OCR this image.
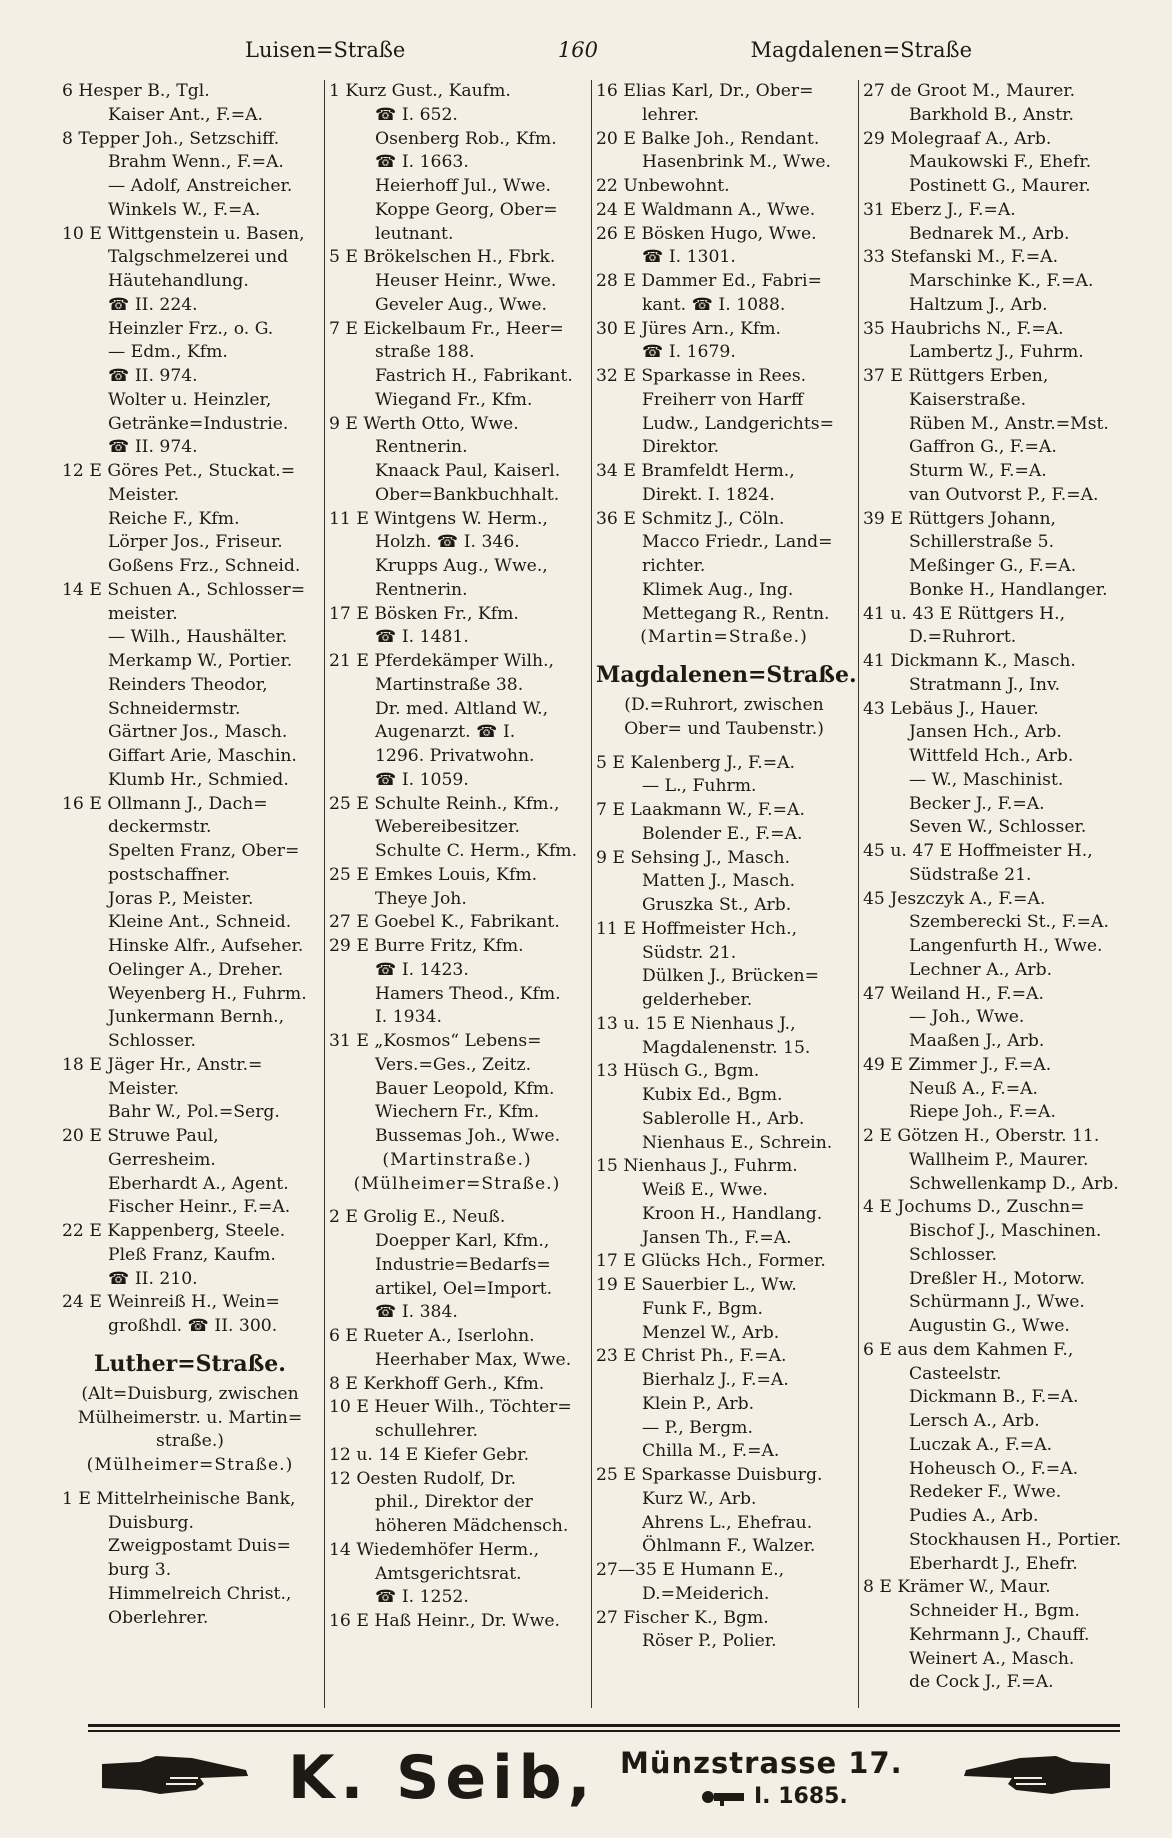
Luisen=Straße	160	Magdalenen=Straße

6 Hesper B., Tgl.

Kaiser Ant., F.=A.

8 Tepper Joh., Setzschiff.

Brahm Wenn., F.=A.

— Adolf, Anstreicher.

Winkels W., F.=A.

10 E Wittgenstein u. Basen,

Talgschmelzerei und

Häutehandlung.

☎ II. 224.

Heinzler Frz., o. G.

— Edm., Kfm.

☎ II. 974.

Wolter u. Heinzler,

Getränke=Industrie.

☎ II. 974.

12 E Göres Pet., Stuckat.=

Meister.

Reiche F., Kfm.

Lörper Jos., Friseur.

Goßens Frz., Schneid.

14 E Schuen A., Schlosser=

meister.

— Wilh., Haushälter.

Merkamp W., Portier.

Reinders Theodor,

Schneidermstr.

Gärtner Jos., Masch.

Giffart Arie, Maschin.

Klumb Hr., Schmied.

16 E Ollmann J., Dach=

deckermstr.

Spelten Franz, Ober=

postschaffner.

Joras P., Meister.

Kleine Ant., Schneid.

Hinske Alfr., Aufseher.

Oelinger A., Dreher.

Weyenberg H., Fuhrm.

Junkermann Bernh.,

Schlosser.

18 E Jäger Hr., Anstr.=

Meister.

Bahr W., Pol.=Serg.

20 E Struwe Paul,

Gerresheim.

Eberhardt A., Agent.

Fischer Heinr., F.=A.

22 E Kappenberg, Steele.

Pleß Franz, Kaufm.

☎ II. 210.

24 E Weinreiß H., Wein=

großhdl. ☎ II. 300.

Luther=Straße.

(Alt=Duisburg, zwischen

Mülheimerstr. u. Martin=

straße.)

(Mülheimer=Straße.)

1 E Mittelrheinische Bank,

Duisburg.

Zweigpostamt Duis=

burg 3.

Himmelreich Christ.,

Oberlehrer.

1 Kurz Gust., Kaufm.

☎ I. 652.

Osenberg Rob., Kfm.

☎ I. 1663.

Heierhoff Jul., Wwe.

Koppe Georg, Ober=

leutnant.

5 E Brökelschen H., Fbrk.

Heuser Heinr., Wwe.

Geveler Aug., Wwe.

7 E Eickelbaum Fr., Heer=

straße 188.

Fastrich H., Fabrikant.

Wiegand Fr., Kfm.

9 E Werth Otto, Wwe.

Rentnerin.

Knaack Paul, Kaiserl.

Ober=Bankbuchhalt.

11 E Wintgens W. Herm.,

Holzh. ☎ I. 346.

Krupps Aug., Wwe.,

Rentnerin.

17 E Bösken Fr., Kfm.

☎ I. 1481.

21 E Pferdekämper Wilh.,

Martinstraße 38.

Dr. med. Altland W.,

Augenarzt. ☎ I.

1296. Privatwohn.

☎ I. 1059.

25 E Schulte Reinh., Kfm.,

Webereibesitzer.

Schulte C. Herm., Kfm.

25 E Emkes Louis, Kfm.

Theye Joh.

27 E Goebel K., Fabrikant.

29 E Burre Fritz, Kfm.

☎ I. 1423.

Hamers Theod., Kfm.

I. 1934.

31 E „Kosmos“ Lebens=

Vers.=Ges., Zeitz.

Bauer Leopold, Kfm.

Wiechern Fr., Kfm.

Bussemas Joh., Wwe.

(Martinstraße.)

(Mülheimer=Straße.)

2 E Grolig E., Neuß.

Doepper Karl, Kfm.,

Industrie=Bedarfs=

artikel, Oel=Import.

☎ I. 384.

6 E Rueter A., Iserlohn.

Heerhaber Max, Wwe.

8 E Kerkhoff Gerh., Kfm.

10 E Heuer Wilh., Töchter=

schullehrer.

12 u. 14 E Kiefer Gebr.

12 Oesten Rudolf, Dr.

phil., Direktor der

höheren Mädchensch.

14 Wiedemhöfer Herm.,

Amtsgerichtsrat.

☎ I. 1252.

16 E Haß Heinr., Dr. Wwe.

16 Elias Karl, Dr., Ober=

lehrer.

20 E Balke Joh., Rendant.

Hasenbrink M., Wwe.

22 Unbewohnt.

24 E Waldmann A., Wwe.

26 E Bösken Hugo, Wwe.

☎ I. 1301.

28 E Dammer Ed., Fabri=

kant. ☎ I. 1088.

30 E Jüres Arn., Kfm.

☎ I. 1679.

32 E Sparkasse in Rees.

Freiherr von Harff

Ludw., Landgerichts=

Direktor.

34 E Bramfeldt Herm.,

Direkt. I. 1824.

36 E Schmitz J., Cöln.

Macco Friedr., Land=

richter.

Klimek Aug., Ing.

Mettegang R., Rentn.

(Martin=Straße.)

Magdalenen=Straße.

(D.=Ruhrort, zwischen

Ober= und Taubenstr.)

5 E Kalenberg J., F.=A.

— L., Fuhrm.

7 E Laakmann W., F.=A.

Bolender E., F.=A.

9 E Sehsing J., Masch.

Matten J., Masch.

Gruszka St., Arb.

11 E Hoffmeister Hch.,

Südstr. 21.

Dülken J., Brücken=

gelderheber.

13 u. 15 E Nienhaus J.,

Magdalenenstr. 15.

13 Hüsch G., Bgm.

Kubix Ed., Bgm.

Sablerolle H., Arb.

Nienhaus E., Schrein.

15 Nienhaus J., Fuhrm.

Weiß E., Wwe.

Kroon H., Handlang.

Jansen Th., F.=A.

17 E Glücks Hch., Former.

19 E Sauerbier L., Ww.

Funk F., Bgm.

Menzel W., Arb.

23 E Christ Ph., F.=A.

Bierhalz J., F.=A.

Klein P., Arb.

— P., Bergm.

Chilla M., F.=A.

25 E Sparkasse Duisburg.

Kurz W., Arb.

Ahrens L., Ehefrau.

Öhlmann F., Walzer.

27—35 E Humann E.,

D.=Meiderich.

27 Fischer K., Bgm.

Röser P., Polier.

27 de Groot M., Maurer.

Barkhold B., Anstr.

29 Molegraaf A., Arb.

Maukowski F., Ehefr.

Postinett G., Maurer.

31 Eberz J., F.=A.

Bednarek M., Arb.

33 Stefanski M., F.=A.

Marschinke K., F.=A.

Haltzum J., Arb.

35 Haubrichs N., F.=A.

Lambertz J., Fuhrm.

37 E Rüttgers Erben,

Kaiserstraße.

Rüben M., Anstr.=Mst.

Gaffron G., F.=A.

Sturm W., F.=A.

van Outvorst P., F.=A.

39 E Rüttgers Johann,

Schillerstraße 5.

Meßinger G., F.=A.

Bonke H., Handlanger.

41 u. 43 E Rüttgers H.,

D.=Ruhrort.

41 Dickmann K., Masch.

Stratmann J., Inv.

43 Lebäus J., Hauer.

Jansen Hch., Arb.

Wittfeld Hch., Arb.

— W., Maschinist.

Becker J., F.=A.

Seven W., Schlosser.

45 u. 47 E Hoffmeister H.,

Südstraße 21.

45 Jeszczyk A., F.=A.

Szemberecki St., F.=A.

Langenfurth H., Wwe.

Lechner A., Arb.

47 Weiland H., F.=A.

— Joh., Wwe.

Maaßen J., Arb.

49 E Zimmer J., F.=A.

Neuß A., F.=A.

Riepe Joh., F.=A.

2 E Götzen H., Oberstr. 11.

Wallheim P., Maurer.

Schwellenkamp D., Arb.

4 E Jochums D., Zuschn=

Bischof J., Maschinen.

Schlosser.

Dreßler H., Motorw.

Schürmann J., Wwe.

Augustin G., Wwe.

6 E aus dem Kahmen F.,

Casteelstr.

Dickmann B., F.=A.

Lersch A., Arb.

Luczak A., F.=A.

Hoheusch O., F.=A.

Redeker F., Wwe.

Pudies A., Arb.

Stockhausen H., Portier.

Eberhardt J., Ehefr.

8 E Krämer W., Maur.

Schneider H., Bgm.

Kehrmann J., Chauff.

Weinert A., Masch.

de Cock J., F.=A.

K. Seib, Münzstrasse 17.
I. 1685.
